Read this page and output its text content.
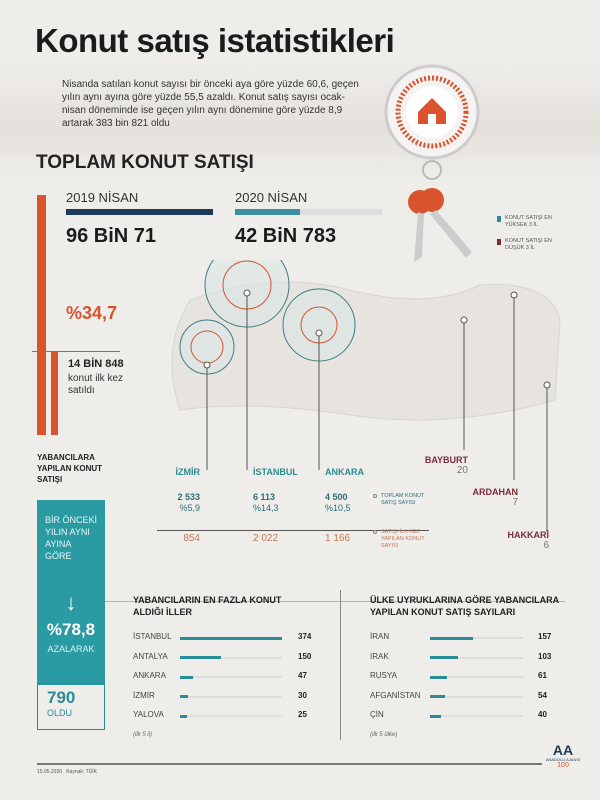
Konut satış istatistikleri
Nisanda satılan konut sayısı bir önceki aya göre yüzde 60,6, geçen yılın aynı ayına göre yüzde 55,5 azaldı. Konut satış sayısı ocak-nisan döneminde ise geçen yılın aynı dönemine göre yüzde 8,9 artarak 383 bin 821 oldu
TOPLAM KONUT SATIŞI
2019 NİSAN
96 BiN 71
2020 NİSAN
42 BiN 783
%34,7
14 BİN 848
konut ilk kez
satıldı
KONUT SATIŞI EN YÜKSEK 3 İL
KONUT SATIŞI EN DÜŞÜK 3 İL
YABANCILARA YAPILAN KONUT SATIŞI
BİR ÖNCEKİ YILIN AYNI AYINA GÖRE
İZMİR
2 533
%5,9
854
İSTANBUL
6 113
%14,3
2 022
ANKARA
4 500
%10,5
1 166
TOPLAM KONUT SATIŞ SAYISI
SATIŞI İLK KEZ YAPILAN KONUT SAYISI
BAYBURT
20
ARDAHAN
7
HAKKARİ
6
↓
%78,8
AZALARAK
790
OLDU
YABANCILARIN EN FAZLA KONUT ALDIĞI İLLER
İSTANBUL	374
ANTALYA	150
ANKARA	47
İZMİR	30
YALOVA	25
(ilk 5 il)
ÜLKE UYRUKLARINA GÖRE YABANCILARA YAPILAN KONUT SATIŞ SAYILARI
İRAN	157
IRAK	103
RUSYA	61
AFGANİSTAN	54
ÇİN	40
(ilk 5 ülke)
15.05.2020 Kaynak: TÜİK
AA
ANADOLU AJANSI
100
